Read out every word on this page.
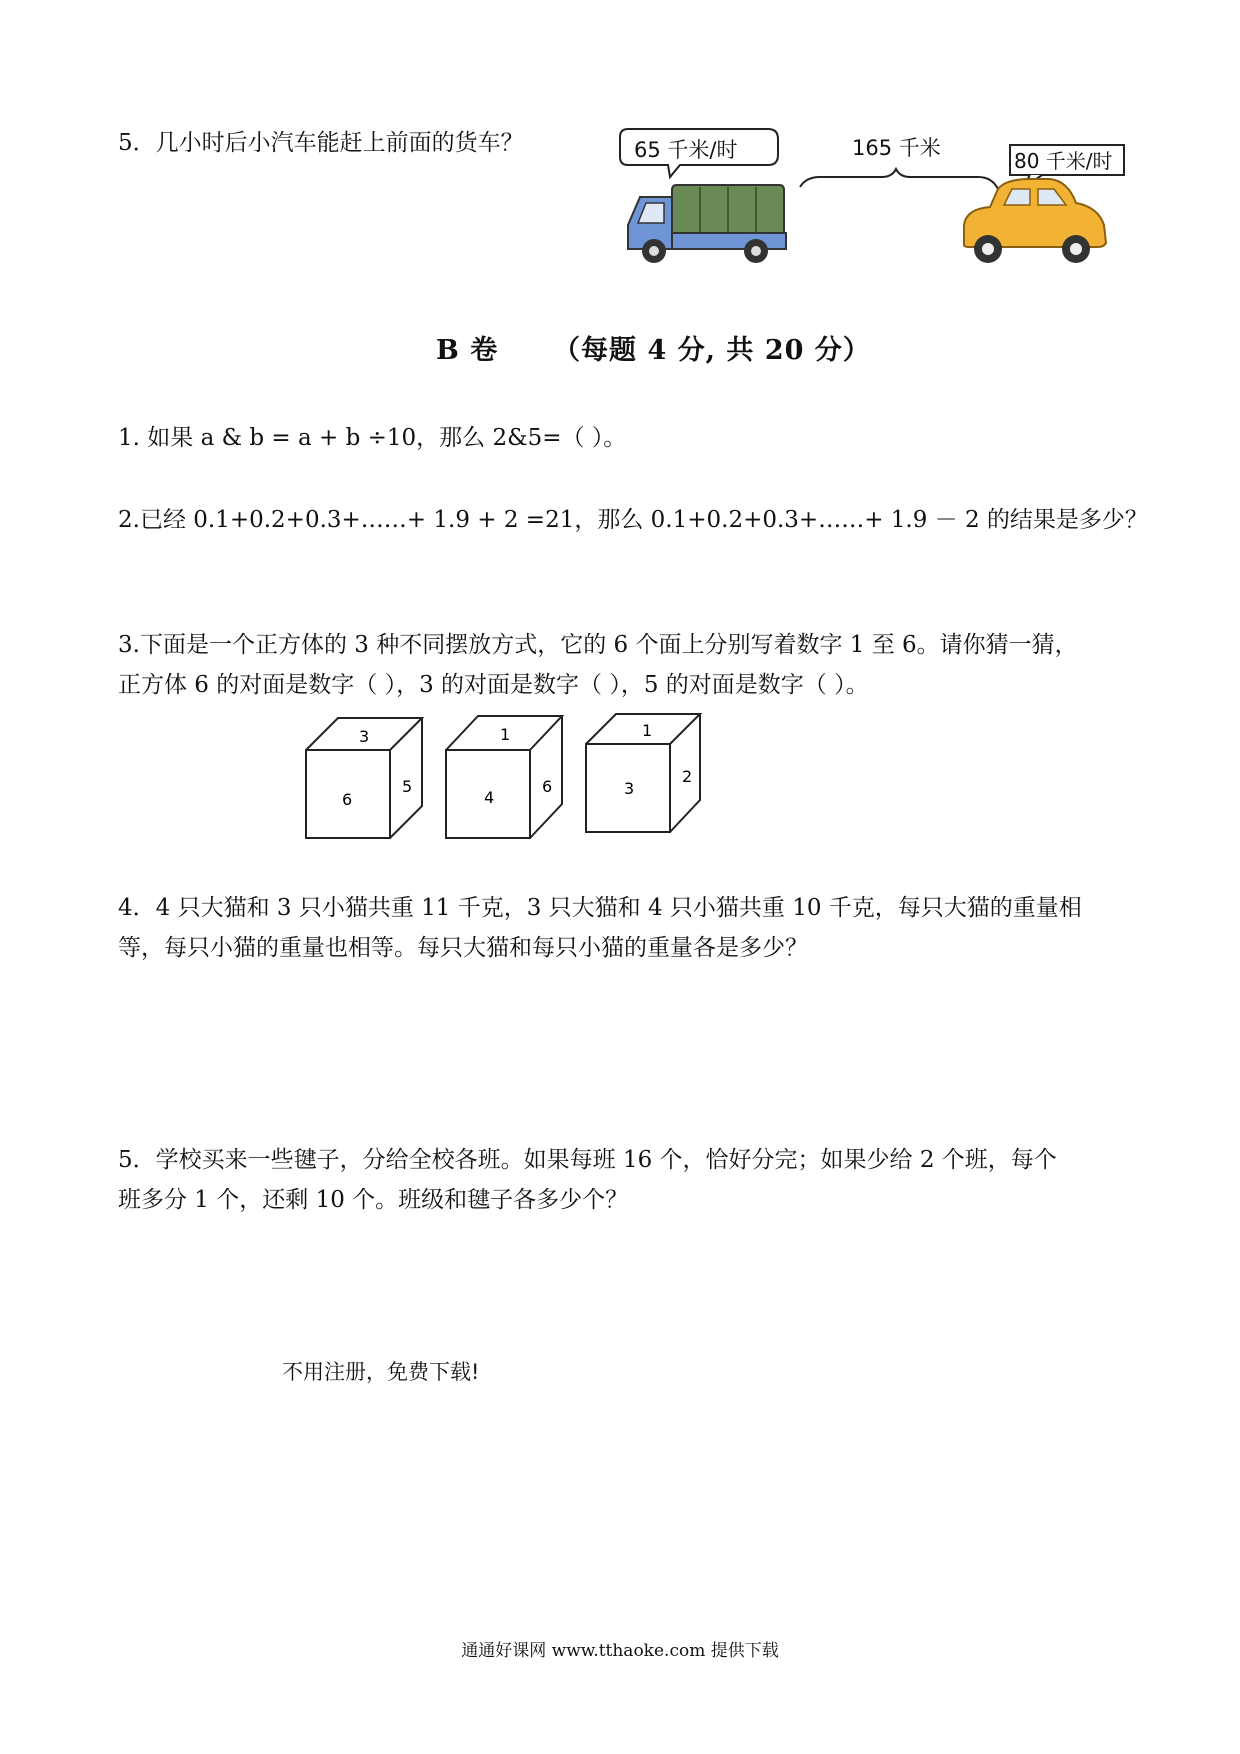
5．几小时后小汽车能赶上前面的货车？	65 千米/时	165 千米
80 千米/时
B 卷 （每题 4 分, 共 20 分）
1. 如果 a & b = a + b ÷10，那么 2&5=（ ）。
2.已经 0.1+0.2+0.3+……+ 1.9 + 2 =21，那么 0.1+0.2+0.3+……+ 1.9 － 2 的结果是多少？
3.下面是一个正方体的 3 种不同摆放方式，它的 6 个面上分别写着数字 1 至 6。请你猜一猜，
正方体 6 的对面是数字（ ），3 的对面是数字（ ），5 的对面是数字（ ）。
3
6
5
1
4
6
1
3
2
4．4 只大猫和 3 只小猫共重 11 千克，3 只大猫和 4 只小猫共重 10 千克，每只大猫的重量相
等，每只小猫的重量也相等。每只大猫和每只小猫的重量各是多少？
5．学校买来一些毽子，分给全校各班。如果每班 16 个，恰好分完；如果少给 2 个班，每个
班多分 1 个，还剩 10 个。班级和毽子各多少个？
不用注册，免费下载!
通通好课网 www.tthaoke.com 提供下载
